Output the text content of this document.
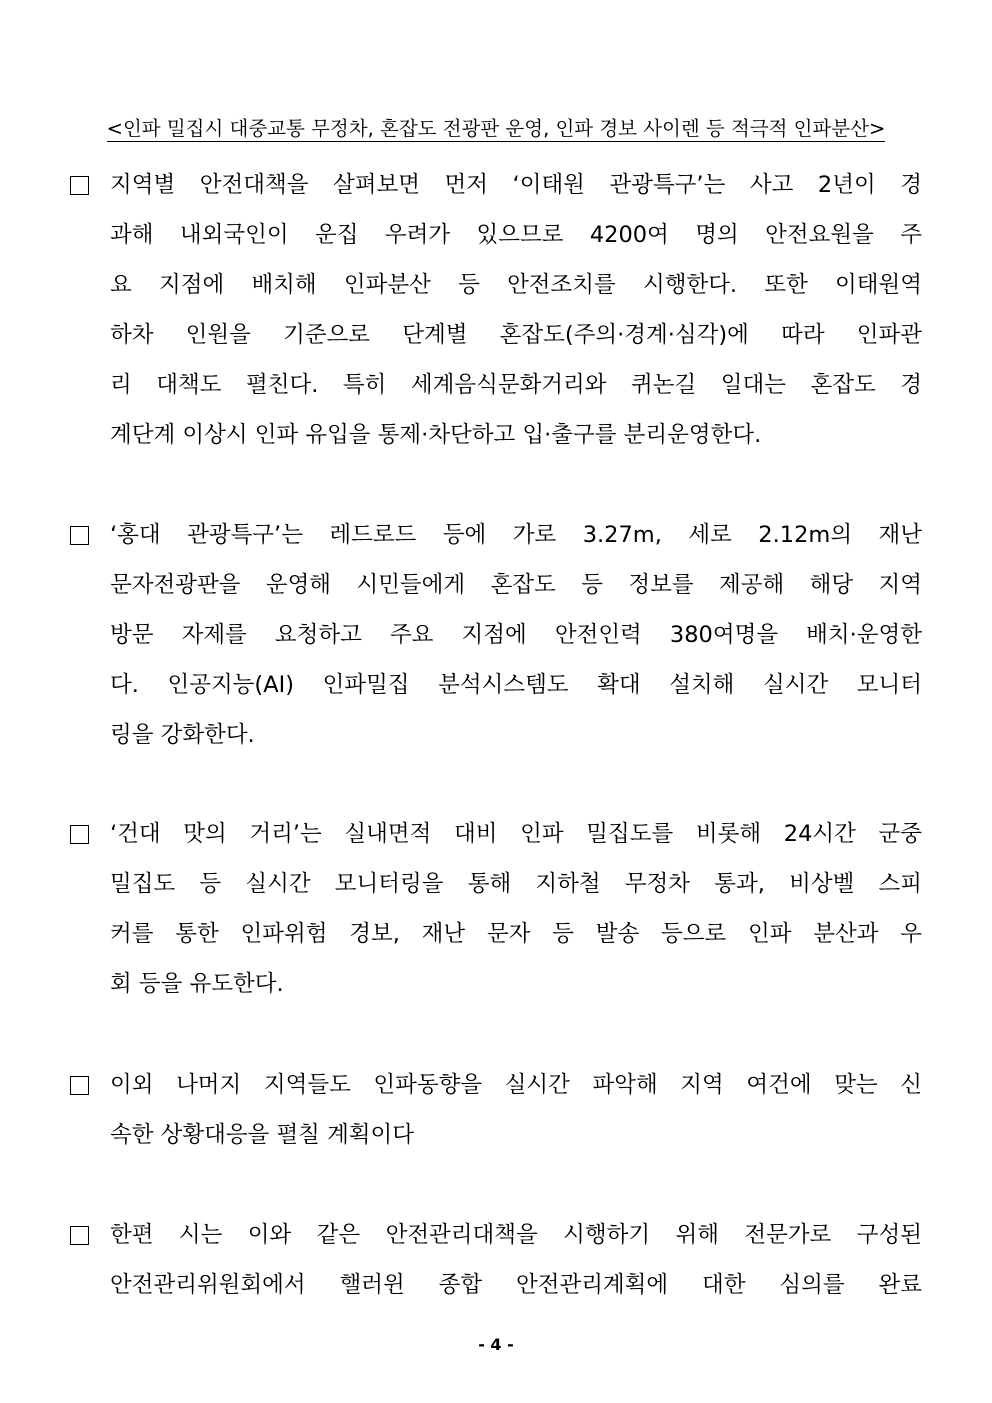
<인파 밀집시 대중교통 무정차, 혼잡도 전광판 운영, 인파 경보 사이렌 등 적극적 인파분산>
지역별 안전대책을 살펴보면 먼저 ‘이태원 관광특구’는 사고 2년이 경
과해 내외국인이 운집 우려가 있으므로 4200여 명의 안전요원을 주
요 지점에 배치해 인파분산 등 안전조치를 시행한다. 또한 이태원역
하차 인원을 기준으로 단계별 혼잡도(주의·경계·심각)에 따라 인파관
리 대책도 펼친다. 특히 세계음식문화거리와 퀴논길 일대는 혼잡도 경
계단계 이상시 인파 유입을 통제·차단하고 입·출구를 분리운영한다.
‘홍대 관광특구’는 레드로드 등에 가로 3.27m, 세로 2.12m의 재난
문자전광판을 운영해 시민들에게 혼잡도 등 정보를 제공해 해당 지역
방문 자제를 요청하고 주요 지점에 안전인력 380여명을 배치·운영한
다. 인공지능(AI) 인파밀집 분석시스템도 확대 설치해 실시간 모니터
링을 강화한다.
‘건대 맛의 거리’는 실내면적 대비 인파 밀집도를 비롯해 24시간 군중
밀집도 등 실시간 모니터링을 통해 지하철 무정차 통과, 비상벨 스피
커를 통한 인파위험 경보, 재난 문자 등 발송 등으로 인파 분산과 우
회 등을 유도한다.
이외 나머지 지역들도 인파동향을 실시간 파악해 지역 여건에 맞는 신
속한 상황대응을 펼칠 계획이다
한편 시는 이와 같은 안전관리대책을 시행하기 위해 전문가로 구성된
안전관리위원회에서 핼러윈 종합 안전관리계획에 대한 심의를 완료
- 4 -
